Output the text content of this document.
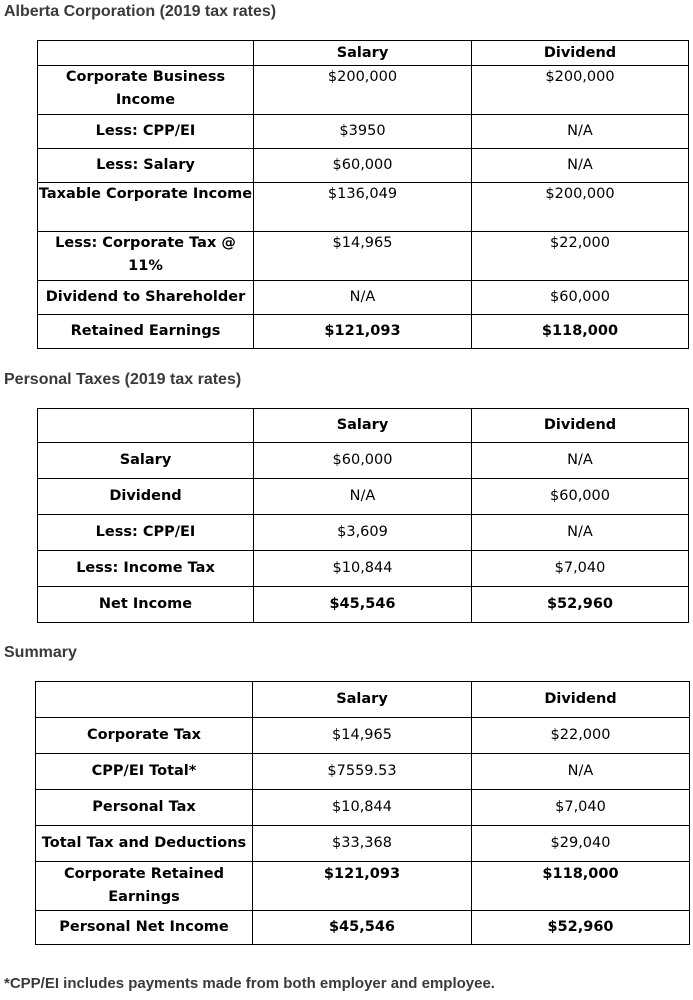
Alberta Corporation (2019 tax rates)
	Salary	Dividend
Corporate Business Income	$200,000	$200,000
Less: CPP/EI	$3950	N/A
Less: Salary	$60,000	N/A
Taxable Corporate Income	$136,049	$200,000
Less: Corporate Tax @ 11%	$14,965	$22,000
Dividend to Shareholder	N/A	$60,000
Retained Earnings	$121,093	$118,000
Personal Taxes (2019 tax rates)
	Salary	Dividend
Salary	$60,000	N/A
Dividend	N/A	$60,000
Less: CPP/EI	$3,609	N/A
Less: Income Tax	$10,844	$7,040
Net Income	$45,546	$52,960
Summary
	Salary	Dividend
Corporate Tax	$14,965	$22,000
CPP/EI Total*	$7559.53	N/A
Personal Tax	$10,844	$7,040
Total Tax and Deductions	$33,368	$29,040
Corporate Retained Earnings	$121,093	$118,000
Personal Net Income	$45,546	$52,960
*CPP/EI includes payments made from both employer and employee.
